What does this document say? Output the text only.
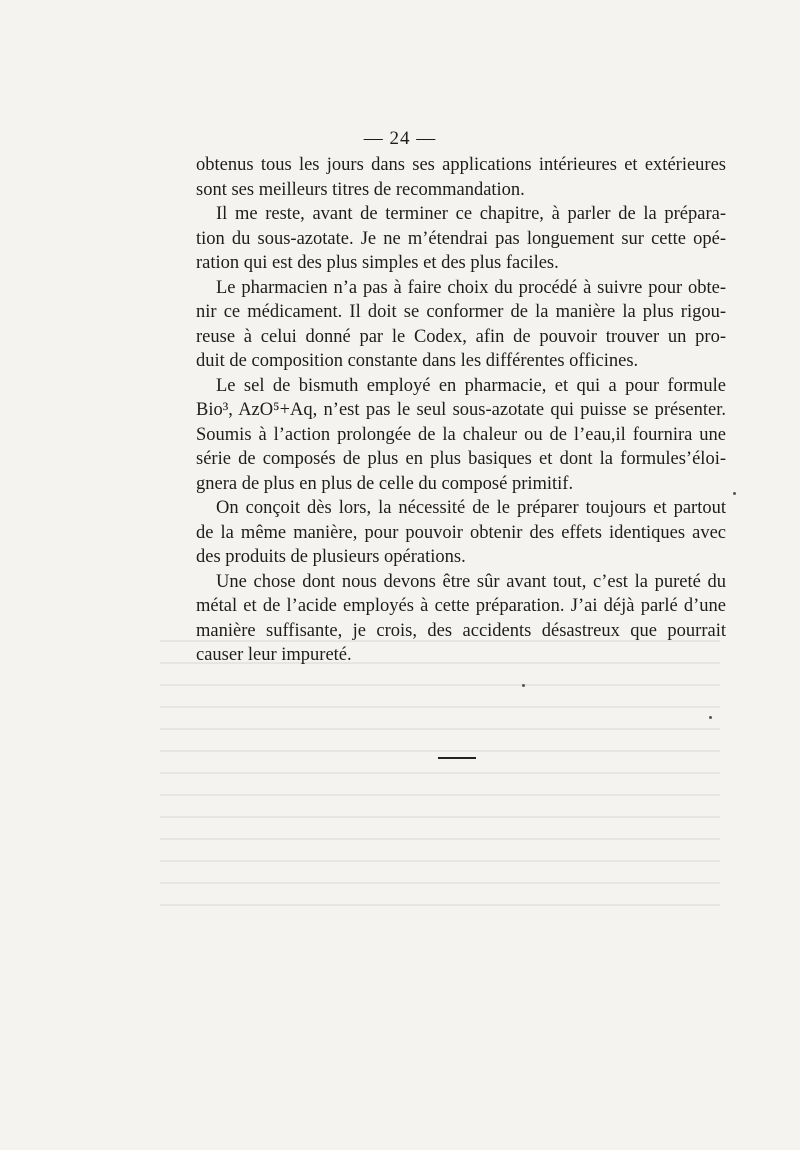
— 24 —
obtenus tous les jours dans ses applications intérieures et extérieures
sont ses meilleurs titres de recommandation.
Il me reste, avant de terminer ce chapitre, à parler de la prépara-
tion du sous-azotate. Je ne m’étendrai pas longuement sur cette opé-
ration qui est des plus simples et des plus faciles.
Le pharmacien n’a pas à faire choix du procédé à suivre pour obte-
nir ce médicament. Il doit se conformer de la manière la plus rigou-
reuse à celui donné par le Codex, afin de pouvoir trouver un pro-
duit de composition constante dans les différentes officines.
Le sel de bismuth employé en pharmacie, et qui a pour formule
Bio³, AzO⁵+Aq, n’est pas le seul sous-azotate qui puisse se présenter.
Soumis à l’action prolongée de la chaleur ou de l’eau,il fournira une
série de composés de plus en plus basiques et dont la formules’éloi-
gnera de plus en plus de celle du composé primitif.
On conçoit dès lors, la nécessité de le préparer toujours et partout
de la même manière, pour pouvoir obtenir des effets identiques avec
des produits de plusieurs opérations.
Une chose dont nous devons être sûr avant tout, c’est la pureté du
métal et de l’acide employés à cette préparation. J’ai déjà parlé d’une
manière suffisante, je crois, des accidents désastreux que pourrait
causer leur impureté.
